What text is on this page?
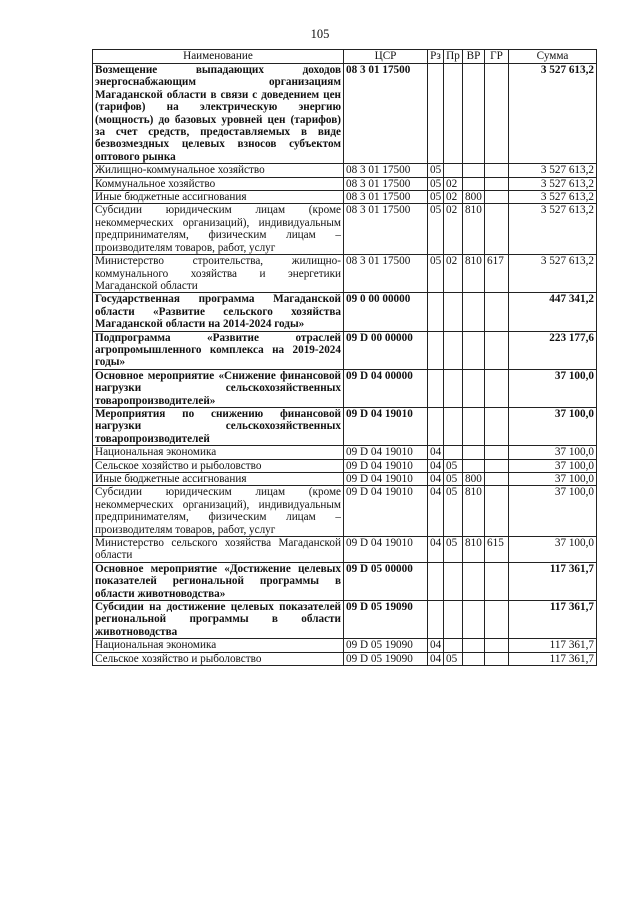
105
Наименование	ЦСР	Рз	Пр	ВР	ГР	Сумма
Возмещение выпадающих доходов энергоснабжающим организациям Магаданской области в связи с доведением цен (тарифов) на электрическую энергию (мощность) до базовых уровней цен (тарифов) за счет средств, предоставляемых в виде безвозмездных целевых взносов субъектом оптового рынка	08 3 01 17500					3 527 613,2
Жилищно-коммунальное хозяйство	08 3 01 17500	05				3 527 613,2
Коммунальное хозяйство	08 3 01 17500	05	02			3 527 613,2
Иные бюджетные ассигнования	08 3 01 17500	05	02	800		3 527 613,2
Субсидии юридическим лицам (кроме некоммерческих организаций), индивидуальным предпринимателям, физическим лицам – производителям товаров, работ, услуг	08 3 01 17500	05	02	810		3 527 613,2
Министерство строительства, жилищно-коммунального хозяйства и энергетики Магаданской области	08 3 01 17500	05	02	810	617	3 527 613,2
Государственная программа Магаданской области «Развитие сельского хозяйства Магаданской области на 2014-2024 годы»	09 0 00 00000					447 341,2
Подпрограмма «Развитие отраслей агропромышленного комплекса на 2019-2024 годы»	09 D 00 00000					223 177,6
Основное мероприятие «Снижение финансовой нагрузки сельскохозяйственных товаропроизводителей»	09 D 04 00000					37 100,0
Мероприятия по снижению финансовой нагрузки сельскохозяйственных товаропроизводителей	09 D 04 19010					37 100,0
Национальная экономика	09 D 04 19010	04				37 100,0
Сельское хозяйство и рыболовство	09 D 04 19010	04	05			37 100,0
Иные бюджетные ассигнования	09 D 04 19010	04	05	800		37 100,0
Субсидии юридическим лицам (кроме некоммерческих организаций), индивидуальным предпринимателям, физическим лицам – производителям товаров, работ, услуг	09 D 04 19010	04	05	810		37 100,0
Министерство сельского хозяйства Магаданской области	09 D 04 19010	04	05	810	615	37 100,0
Основное мероприятие «Достижение целевых показателей региональной программы в области животноводства»	09 D 05 00000					117 361,7
Субсидии на достижение целевых показателей региональной программы в области животноводства	09 D 05 19090					117 361,7
Национальная экономика	09 D 05 19090	04				117 361,7
Сельское хозяйство и рыболовство	09 D 05 19090	04	05			117 361,7
